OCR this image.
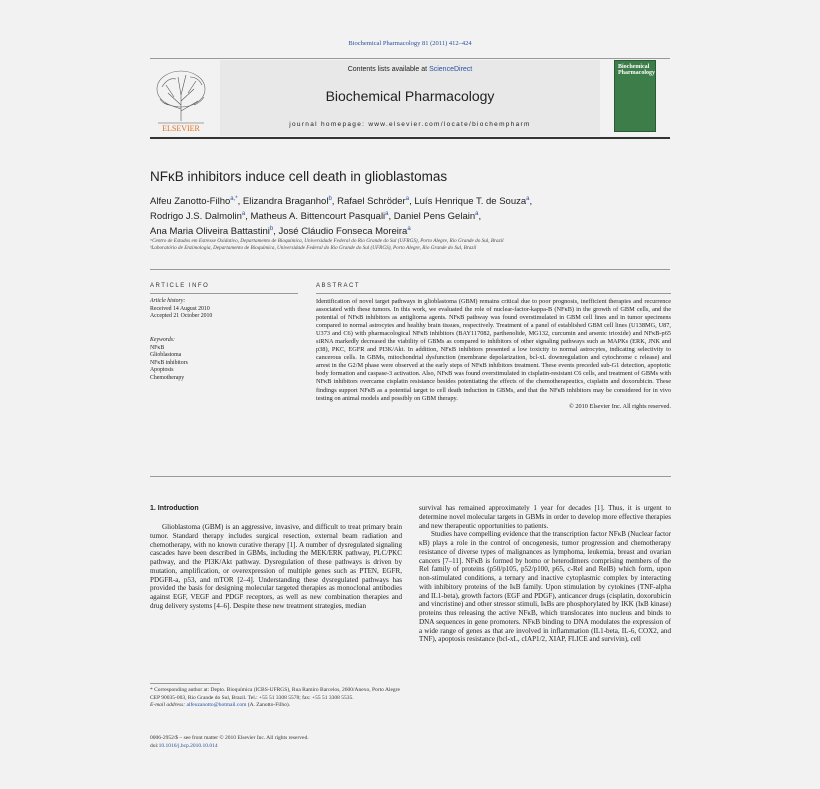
Biochemical Pharmacology 81 (2011) 412–424
ELSEVIER
Contents lists available at ScienceDirect
Biochemical Pharmacology
journal homepage: www.elsevier.com/locate/biochempharm
Biochemical Pharmacology
NFκB inhibitors induce cell death in glioblastomas
Alfeu Zanotto-Filho$^{a,*}$, Elizandra Braganhol$^b$, Rafael Schröder$^a$, Luís Henrique T. de Souza$^a$,
Rodrigo J.S. Dalmolin$^a$, Matheus A. Bittencourt Pasquali$^a$, Daniel Pens Gelain$^a$,
Ana Maria Oliveira Battastini$^b$, José Cláudio Fonseca Moreira$^a$
ᵃCentro de Estudos em Estresse Oxidativo, Departamento de Bioquímica, Universidade Federal do Rio Grande do Sul (UFRGS), Porto Alegre, Rio Grande do Sul, Brazil
ᵇLaboratório de Enzimologia, Departamento de Bioquímica, Universidade Federal do Rio Grande do Sul (UFRGS), Porto Alegre, Rio Grande do Sul, Brazil
ARTICLE INFO	ABSTRACT
Article history:
Received 14 August 2010
Accepted 21 October 2010
Keywords:
NFκB
Glioblastoma
NFκB inhibitors
Apoptosis
Chemotherapy
Identification of novel target pathways in glioblastoma (GBM) remains critical due to poor prognosis, inefficient therapies and recurrence associated with these tumors. In this work, we evaluated the role of nuclear-factor-kappa-B (NFκB) in the growth of GBM cells, and the potential of NFκB inhibitors as antiglioma agents. NFκB pathway was found overstimulated in GBM cell lines and in tumor specimens compared to normal astrocytes and healthy brain tissues, respectively. Treatment of a panel of established GBM cell lines (U138MG, U87, U373 and C6) with pharmacological NFκB inhibitors (BAY117082, parthenolide, MG132, curcumin and arsenic trioxide) and NFκB-p65 siRNA markedly decreased the viability of GBMs as compared to inhibitors of other signaling pathways such as MAPKs (ERK, JNK and p38), PKC, EGFR and PI3K/Akt. In addition, NFκB inhibitors presented a low toxicity to normal astrocytes, indicating selectivity to cancerous cells. In GBMs, mitochondrial dysfunction (membrane depolarization, bcl-xL downregulation and cytochrome c release) and arrest in the G2/M phase were observed at the early steps of NFκB inhibitors treatment. These events preceded sub-G1 detection, apoptotic body formation and caspase-3 activation. Also, NFκB was found overstimulated in cisplatin-resistant C6 cells, and treatment of GBMs with NFκB inhibitors overcame cisplatin resistance besides potentiating the effects of the chemotherapeutics, cisplatin and doxorubicin. These findings support NFκB as a potential target to cell death induction in GBMs, and that the NFκB inhibitors may be considered for in vivo testing on animal models and possibly on GBM therapy.
© 2010 Elsevier Inc. All rights reserved.
1. Introduction
Glioblastoma (GBM) is an aggressive, invasive, and difficult to treat primary brain tumor. Standard therapy includes surgical resection, external beam radiation and chemotherapy, with no known curative therapy [1]. A number of dysregulated signaling cascades have been described in GBMs, including the MEK/ERK pathway, PLC/PKC pathway, and the PI3K/Akt pathway. Dysregulation of these pathways is driven by mutation, amplification, or overexpression of multiple genes such as PTEN, EGFR, PDGFR-a, p53, and mTOR [2–4]. Understanding these dysregulated pathways has provided the basis for designing molecular targeted therapies as monoclonal antibodies against EGF, VEGF and PDGF receptors, as well as new combination therapies and drug delivery systems [4–6]. Despite these new treatment strategies, median
survival has remained approximately 1 year for decades [1]. Thus, it is urgent to determine novel molecular targets in GBMs in order to develop more effective therapies and new therapeutic opportunities to patients.
Studies have compelling evidence that the transcription factor NFκB (Nuclear factor κB) plays a role in the control of oncogenesis, tumor progression and chemotherapy resistance of diverse types of malignances as lymphoma, leukemia, breast and ovarian cancers [7–11]. NFκB is formed by homo or heterodimers comprising members of the Rel family of proteins (p50/p105, p52/p100, p65, c-Rel and RelB) which form, upon non-stimulated conditions, a ternary and inactive cytoplasmic complex by interacting with inhibitory proteins of the IκB family. Upon stimulation by cytokines (TNF-alpha and IL1-beta), growth factors (EGF and PDGF), anticancer drugs (cisplatin, doxorubicin and vincristine) and other stressor stimuli, IκBs are phosphorylated by IKK (IκB kinase) proteins thus releasing the active NFκB, which translocates into nucleus and binds to DNA sequences in gene promoters. NFκB binding to DNA modulates the expression of a wide range of genes as that are involved in inflammation (IL1-beta, IL-6, COX2, and TNF), apoptosis resistance (bcl-xL, cIAP1/2, XIAP, FLICE and survivin), cell
* Corresponding author at: Depto. Bioquímica (ICBS-UFRGS), Rua Ramiro Barcelos, 2600/Anexo, Porto Alegre CEP 90035-003, Rio Grande do Sul, Brazil. Tel.: +55 51 3308 5578; fax: +55 51 3308 5535.
E-mail address: alfeuzanotto@hotmail.com (A. Zanotto-Filho).
0006-2952/$ – see front matter © 2010 Elsevier Inc. All rights reserved.
doi:10.1016/j.bcp.2010.10.014
